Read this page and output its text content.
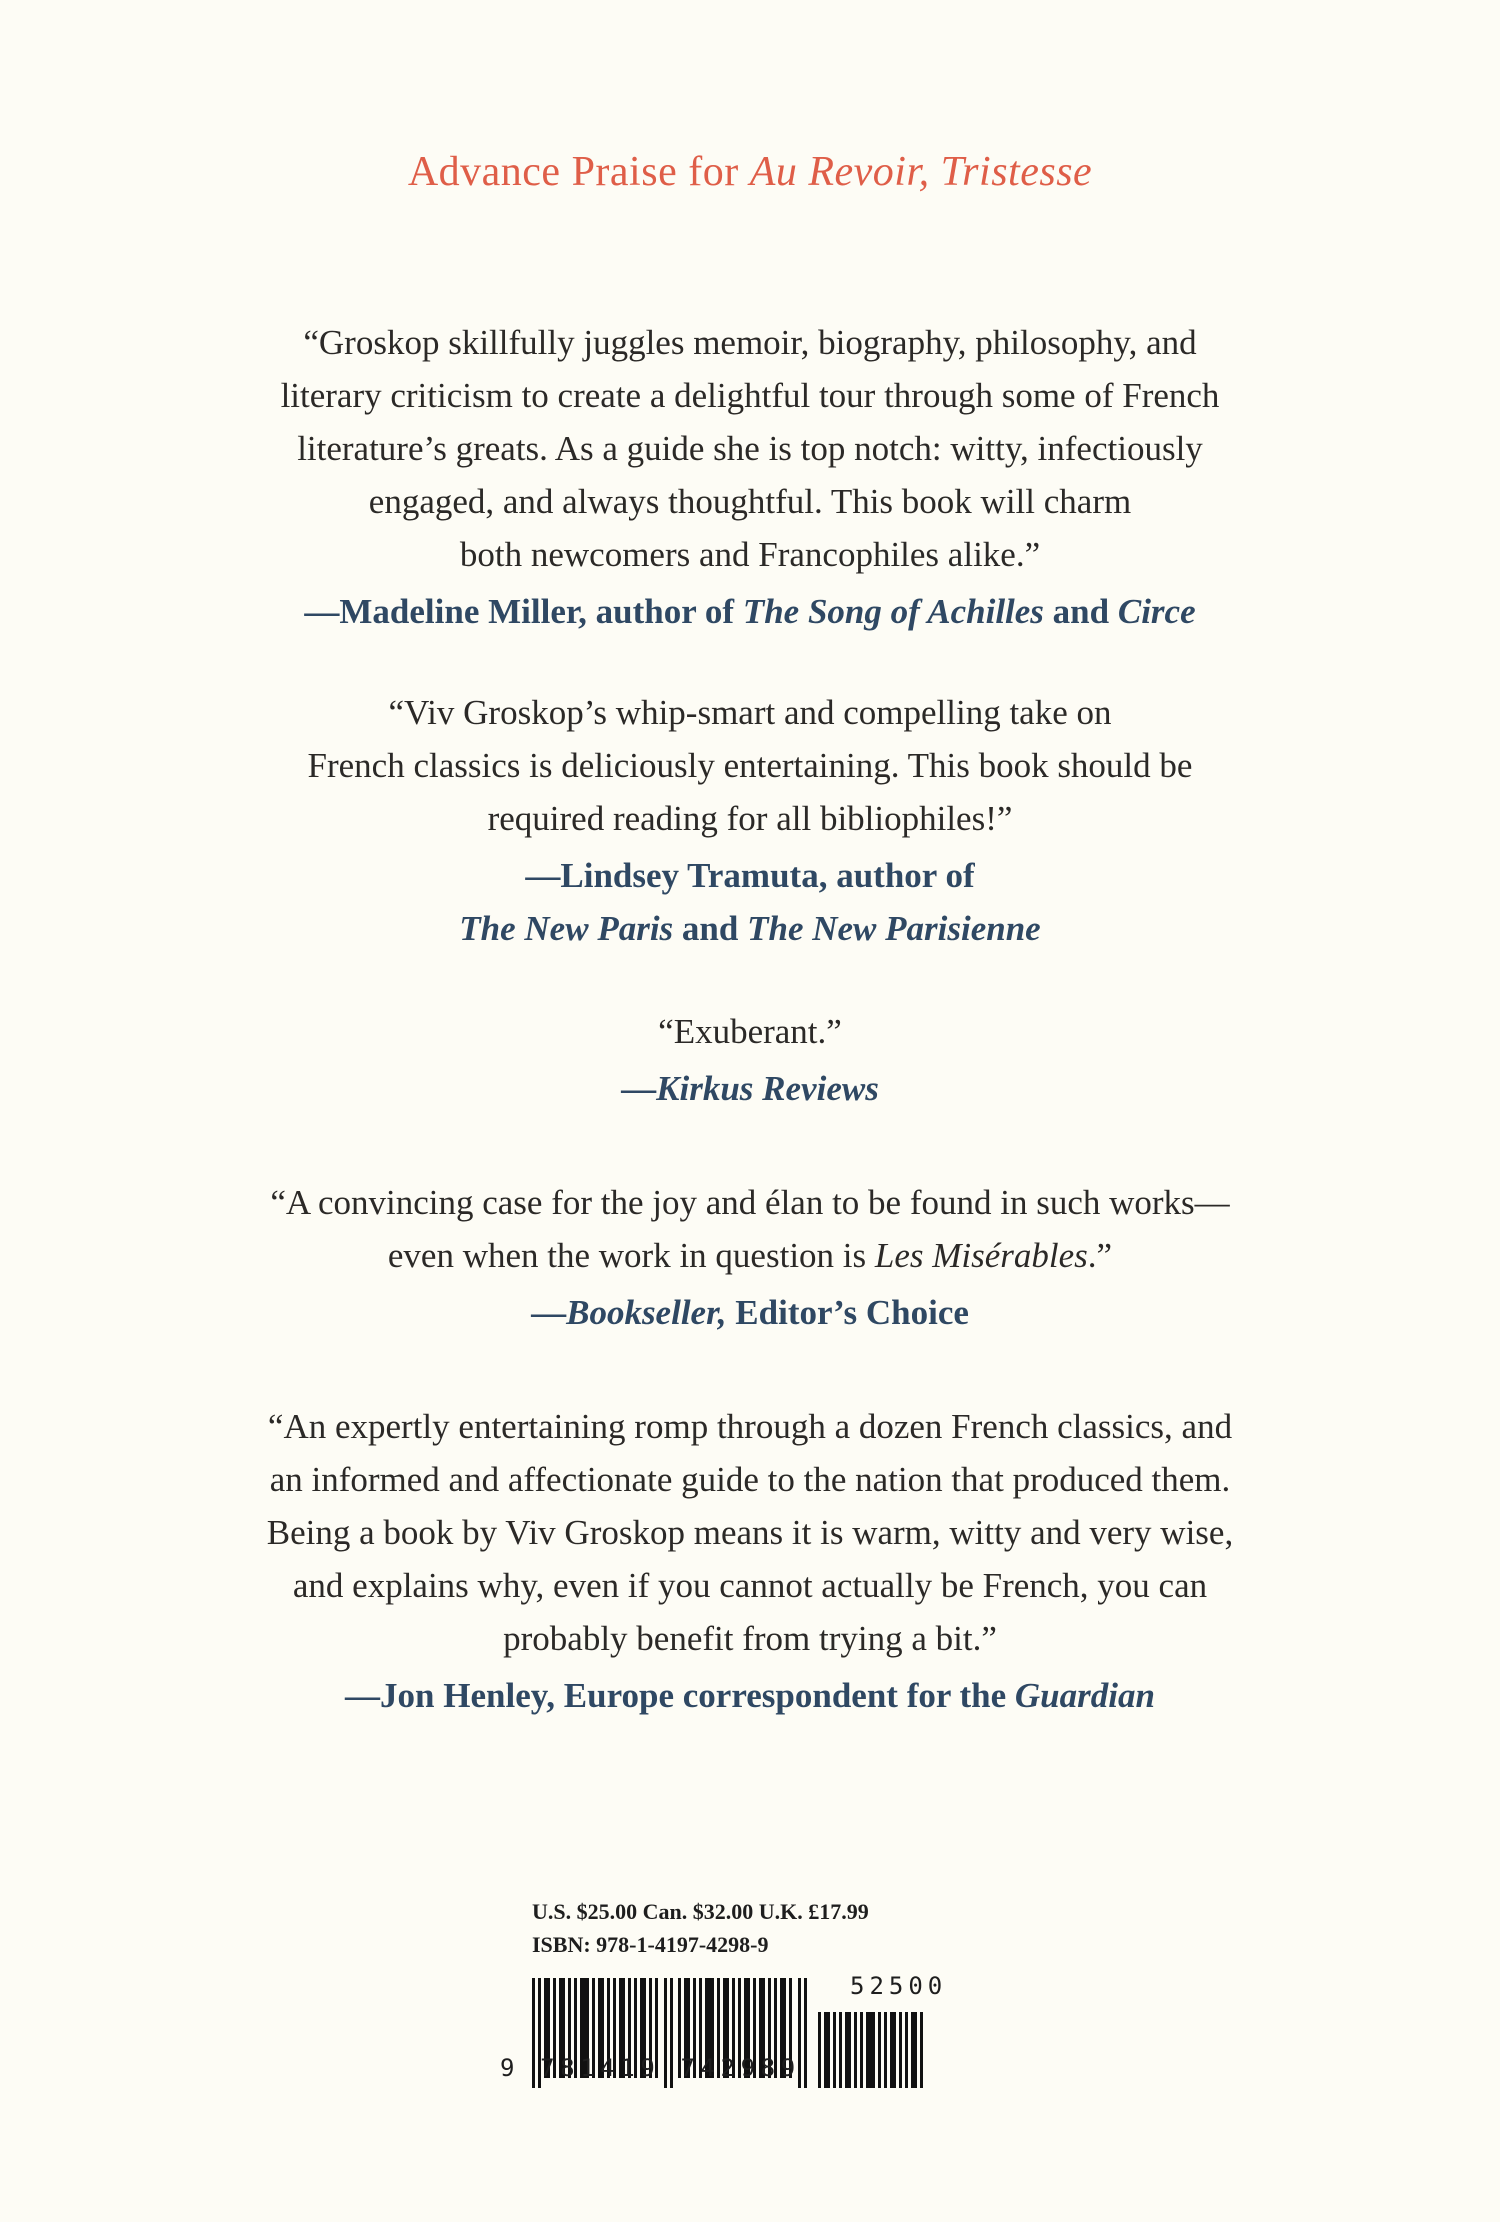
Advance Praise for Au Revoir, Tristesse
“Groskop skillfully juggles memoir, biography, philosophy, and
literary criticism to create a delightful tour through some of French
literature’s greats. As a guide she is top notch: witty, infectiously
engaged, and always thoughtful. This book will charm
both newcomers and Francophiles alike.”
—Madeline Miller, author of The Song of Achilles and Circe
“Viv Groskop’s whip-smart and compelling take on
French classics is deliciously entertaining. This book should be
required reading for all bibliophiles!”
—Lindsey Tramuta, author of
The New Paris and The New Parisienne
“Exuberant.”
—Kirkus Reviews
“A convincing case for the joy and élan to be found in such works—
even when the work in question is Les Misérables.”
—Bookseller, Editor’s Choice
“An expertly entertaining romp through a dozen French classics, and
an informed and affectionate guide to the nation that produced them.
Being a book by Viv Groskop means it is warm, witty and very wise,
and explains why, even if you cannot actually be French, you can
probably benefit from trying a bit.”
—Jon Henley, Europe correspondent for the Guardian
U.S. $25.00 Can. $32.00 U.K. £17.99
ISBN: 978-1-4197-4298-9
9 781419 742989
52500
